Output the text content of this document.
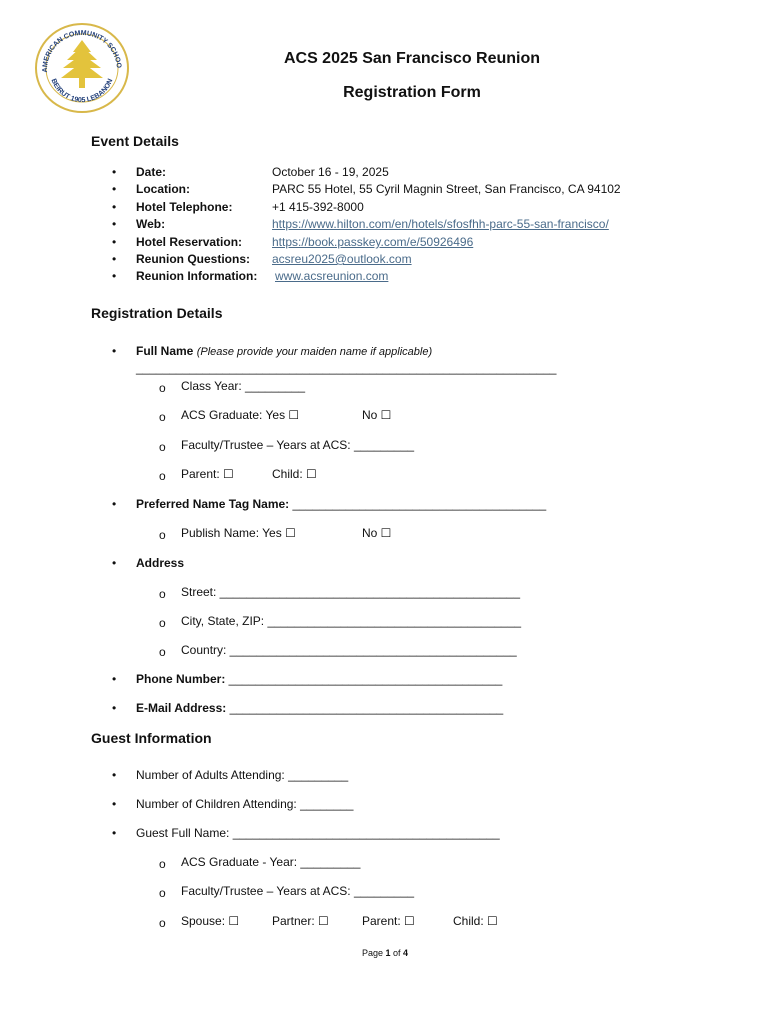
AMERICAN COMMUNITY SCHOO
BEIRUT 1905 LEBANON
ACS 2025 San Francisco Reunion
Registration Form
Event Details
• Date:	October 16 - 19, 2025
• Location:	PARC 55 Hotel, 55 Cyril Magnin Street, San Francisco, CA 94102
• Hotel Telephone:	+1 415-392-8000
• Web:	https://www.hilton.com/en/hotels/sfosfhh-parc-55-san-francisco/
• Hotel Reservation: https://book.passkey.com/e/50926496
• Reunion Questions: acsreu2025@outlook.com
• Reunion Information: www.acsreunion.com
Registration Details
• Full Name (Please provide your maiden name if applicable)
_______________________________________________________________
o Class Year: _________
o ACS Graduate: Yes ☐	No ☐
o Faculty/Trustee – Years at ACS: _________
o Parent: ☐	Child: ☐
• Preferred Name Tag Name: ______________________________________
o Publish Name: Yes ☐	No ☐
• Address
o Street: _____________________________________________
o City, State, ZIP: ______________________________________
o Country: ___________________________________________
• Phone Number: _________________________________________
• E-Mail Address: _________________________________________
Guest Information
• Number of Adults Attending: _________
• Number of Children Attending: ________
• Guest Full Name: ________________________________________
o ACS Graduate - Year: _________
o Faculty/Trustee – Years at ACS: _________
o Spouse: ☐	Partner: ☐	Parent: ☐	Child: ☐
Page 1 of 4
